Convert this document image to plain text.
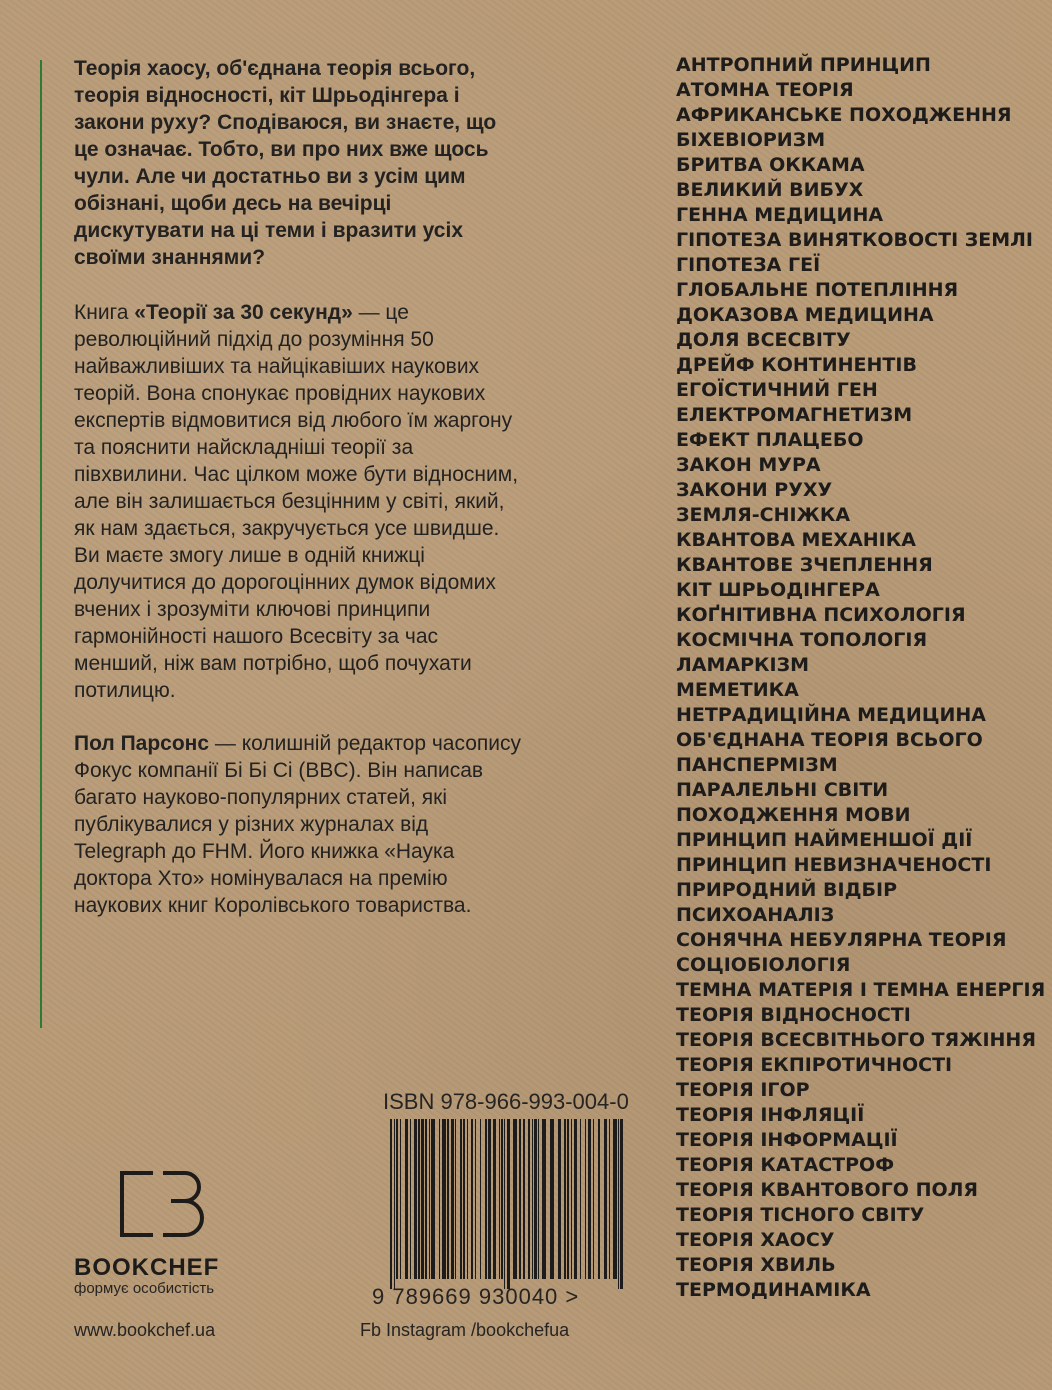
Теорія хаосу, об'єднана теорія всього, теорія відносності, кіт Шрьодінгера і закони руху? Сподіваюся, ви знаєте, що це означає. Тобто, ви про них вже щось чули. Але чи достатньо ви з усім цим обізнані, щоби десь на вечірці дискутувати на ці теми і вразити усіх своїми знаннями?

Книга «Теорії за 30 секунд» — це революційний підхід до розуміння 50 найважливіших та найцікавіших наукових теорій. Вона спонукає провідних наукових експертів відмовитися від любого їм жаргону та пояснити найскладніші теорії за півхвилини. Час цілком може бути відносним, але він залишається безцінним у світі, який, як нам здається, закручується усе швидше. Ви маєте змогу лише в одній книжці долучитися до дорогоцінних думок відомих вчених і зрозуміти ключові принципи гармонійності нашого Всесвіту за час менший, ніж вам потрібно, щоб почухати потилицю.

Пол Парсонс — колишній редактор часопису Фокус компанії Бі Бі Сі (BBC). Він написав багато науково-популярних статей, які публікувалися у різних журналах від Telegraph до FHM. Його книжка «Наука доктора Хто» номінувалася на премію наукових книг Королівського товариства.

АНТРОПНИЙ ПРИНЦИП
АТОМНА ТЕОРІЯ
АФРИКАНСЬКЕ ПОХОДЖЕННЯ
БІХЕВІОРИЗМ
БРИТВА ОККАМА
ВЕЛИКИЙ ВИБУХ
ГЕННА МЕДИЦИНА
ГІПОТЕЗА ВИНЯТКОВОСТІ ЗЕМЛІ
ГІПОТЕЗА ГЕЇ
ГЛОБАЛЬНЕ ПОТЕПЛІННЯ
ДОКАЗОВА МЕДИЦИНА
ДОЛЯ ВСЕСВІТУ
ДРЕЙФ КОНТИНЕНТІВ
ЕГОЇСТИЧНИЙ ГЕН
ЕЛЕКТРОМАГНЕТИЗМ
ЕФЕКТ ПЛАЦЕБО
ЗАКОН МУРА
ЗАКОНИ РУХУ
ЗЕМЛЯ-СНІЖКА
КВАНТОВА МЕХАНІКА
КВАНТОВЕ ЗЧЕПЛЕННЯ
КІТ ШРЬОДІНГЕРА
КОҐНІТИВНА ПСИХОЛОГІЯ
КОСМІЧНА ТОПОЛОГІЯ
ЛАМАРКІЗМ
МЕМЕТИКА
НЕТРАДИЦІЙНА МЕДИЦИНА
ОБ'ЄДНАНА ТЕОРІЯ ВСЬОГО
ПАНСПЕРМІЗМ
ПАРАЛЕЛЬНІ СВІТИ
ПОХОДЖЕННЯ МОВИ
ПРИНЦИП НАЙМЕНШОЇ ДІЇ
ПРИНЦИП НЕВИЗНАЧЕНОСТІ
ПРИРОДНИЙ ВІДБІР
ПСИХОАНАЛІЗ
СОНЯЧНА НЕБУЛЯРНА ТЕОРІЯ
СОЦІОБІОЛОГІЯ
ТЕМНА МАТЕРІЯ І ТЕМНА ЕНЕРГІЯ
ТЕОРІЯ ВІДНОСНОСТІ
ТЕОРІЯ ВСЕСВІТНЬОГО ТЯЖІННЯ
ТЕОРІЯ ЕКПІРОТИЧНОСТІ
ТЕОРІЯ ІГОР
ТЕОРІЯ ІНФЛЯЦІЇ
ТЕОРІЯ ІНФОРМАЦІЇ
ТЕОРІЯ КАТАСТРОФ
ТЕОРІЯ КВАНТОВОГО ПОЛЯ
ТЕОРІЯ ТІСНОГО СВІТУ
ТЕОРІЯ ХАОСУ
ТЕОРІЯ ХВИЛЬ
ТЕРМОДИНАМІКА
ISBN 978-966-993-004-0
9 789669 930040 >
BOOKCHEF
формує особистість
www.bookchef.ua	Fb Instagram /bookchefua
